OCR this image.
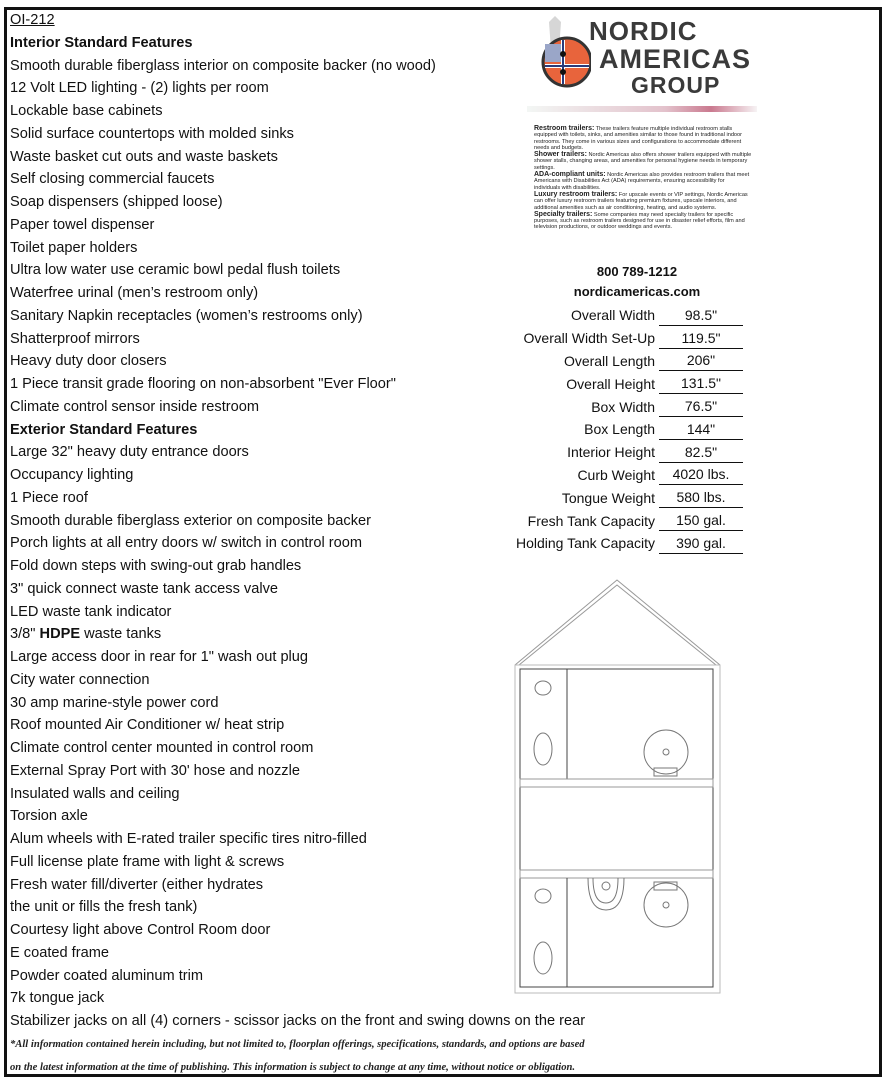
OI-212
Interior Standard Features
Smooth durable fiberglass interior on composite backer (no wood)
12 Volt LED lighting - (2) lights per room
Lockable base cabinets
Solid surface countertops with molded sinks
Waste basket cut outs and waste baskets
Self closing commercial faucets
Soap dispensers (shipped loose)
Paper towel dispenser
Toilet paper holders
Ultra low water use ceramic bowl pedal flush toilets
Waterfree urinal (men’s restroom only)
Sanitary Napkin receptacles (women’s restrooms only)
Shatterproof mirrors
Heavy duty door closers
1 Piece transit grade flooring on non-absorbent "Ever Floor"
Climate control sensor inside restroom
Exterior Standard Features
Large 32" heavy duty entrance doors
Occupancy lighting
1 Piece roof
Smooth durable fiberglass exterior on composite backer
Porch lights at all entry doors w/ switch in control room
Fold down steps with swing-out grab handles
3" quick connect waste tank access valve
LED waste tank indicator
3/8" HDPE waste tanks
Large access door in rear for 1" wash out plug
City water connection
30 amp marine-style power cord
Roof mounted Air Conditioner w/ heat strip
Climate control center mounted in control room
External Spray Port with 30' hose and nozzle
Insulated walls and ceiling
Torsion axle
Alum wheels with E-rated trailer specific tires nitro-filled
Full license plate frame with light & screws
Fresh water fill/diverter (either hydrates
the unit or fills the fresh tank)
Courtesy light above Control Room door
E coated frame
Powder coated aluminum trim
7k tongue jack
Stabilizer jacks on all (4) corners - scissor jacks on the front and swing downs on the rear
*All information contained herein including, but not limited to, floorplan offerings, specifications, standards, and options are based
on the latest information at the time of publishing. This information is subject to change at any time, without notice or obligation.
NORDIC
AMERICAS
GROUP

Restroom trailers: These trailers feature multiple individual restroom stalls equipped with toilets, sinks, and amenities similar to those found in traditional indoor restrooms. They come in various sizes and configurations to accommodate different needs and budgets.

Shower trailers: Nordic Americas also offers shower trailers equipped with multiple shower stalls, changing areas, and amenities for personal hygiene needs in temporary settings.

ADA-compliant units: Nordic Americas also provides restroom trailers that meet Americans with Disabilities Act (ADA) requirements, ensuring accessibility for individuals with disabilities.

Luxury restroom trailers: For upscale events or VIP settings, Nordic Americas can offer luxury restroom trailers featuring premium fixtures, upscale interiors, and additional amenities such as air conditioning, heating, and audio systems.

Specialty trailers: Some companies may need specialty trailers for specific purposes, such as restroom trailers designed for use in disaster relief efforts, film and television productions, or outdoor weddings and events.

800 789-1212
nordicamericas.com
Overall Width	98.5"
Overall Width Set-Up	119.5"
Overall Length	206"
Overall Height	131.5"
Box Width	76.5"
Box Length	144"
Interior Height	82.5"
Curb Weight	4020 lbs.
Tongue Weight	580 lbs.
Fresh Tank Capacity	150 gal.
Holding Tank Capacity	390 gal.
